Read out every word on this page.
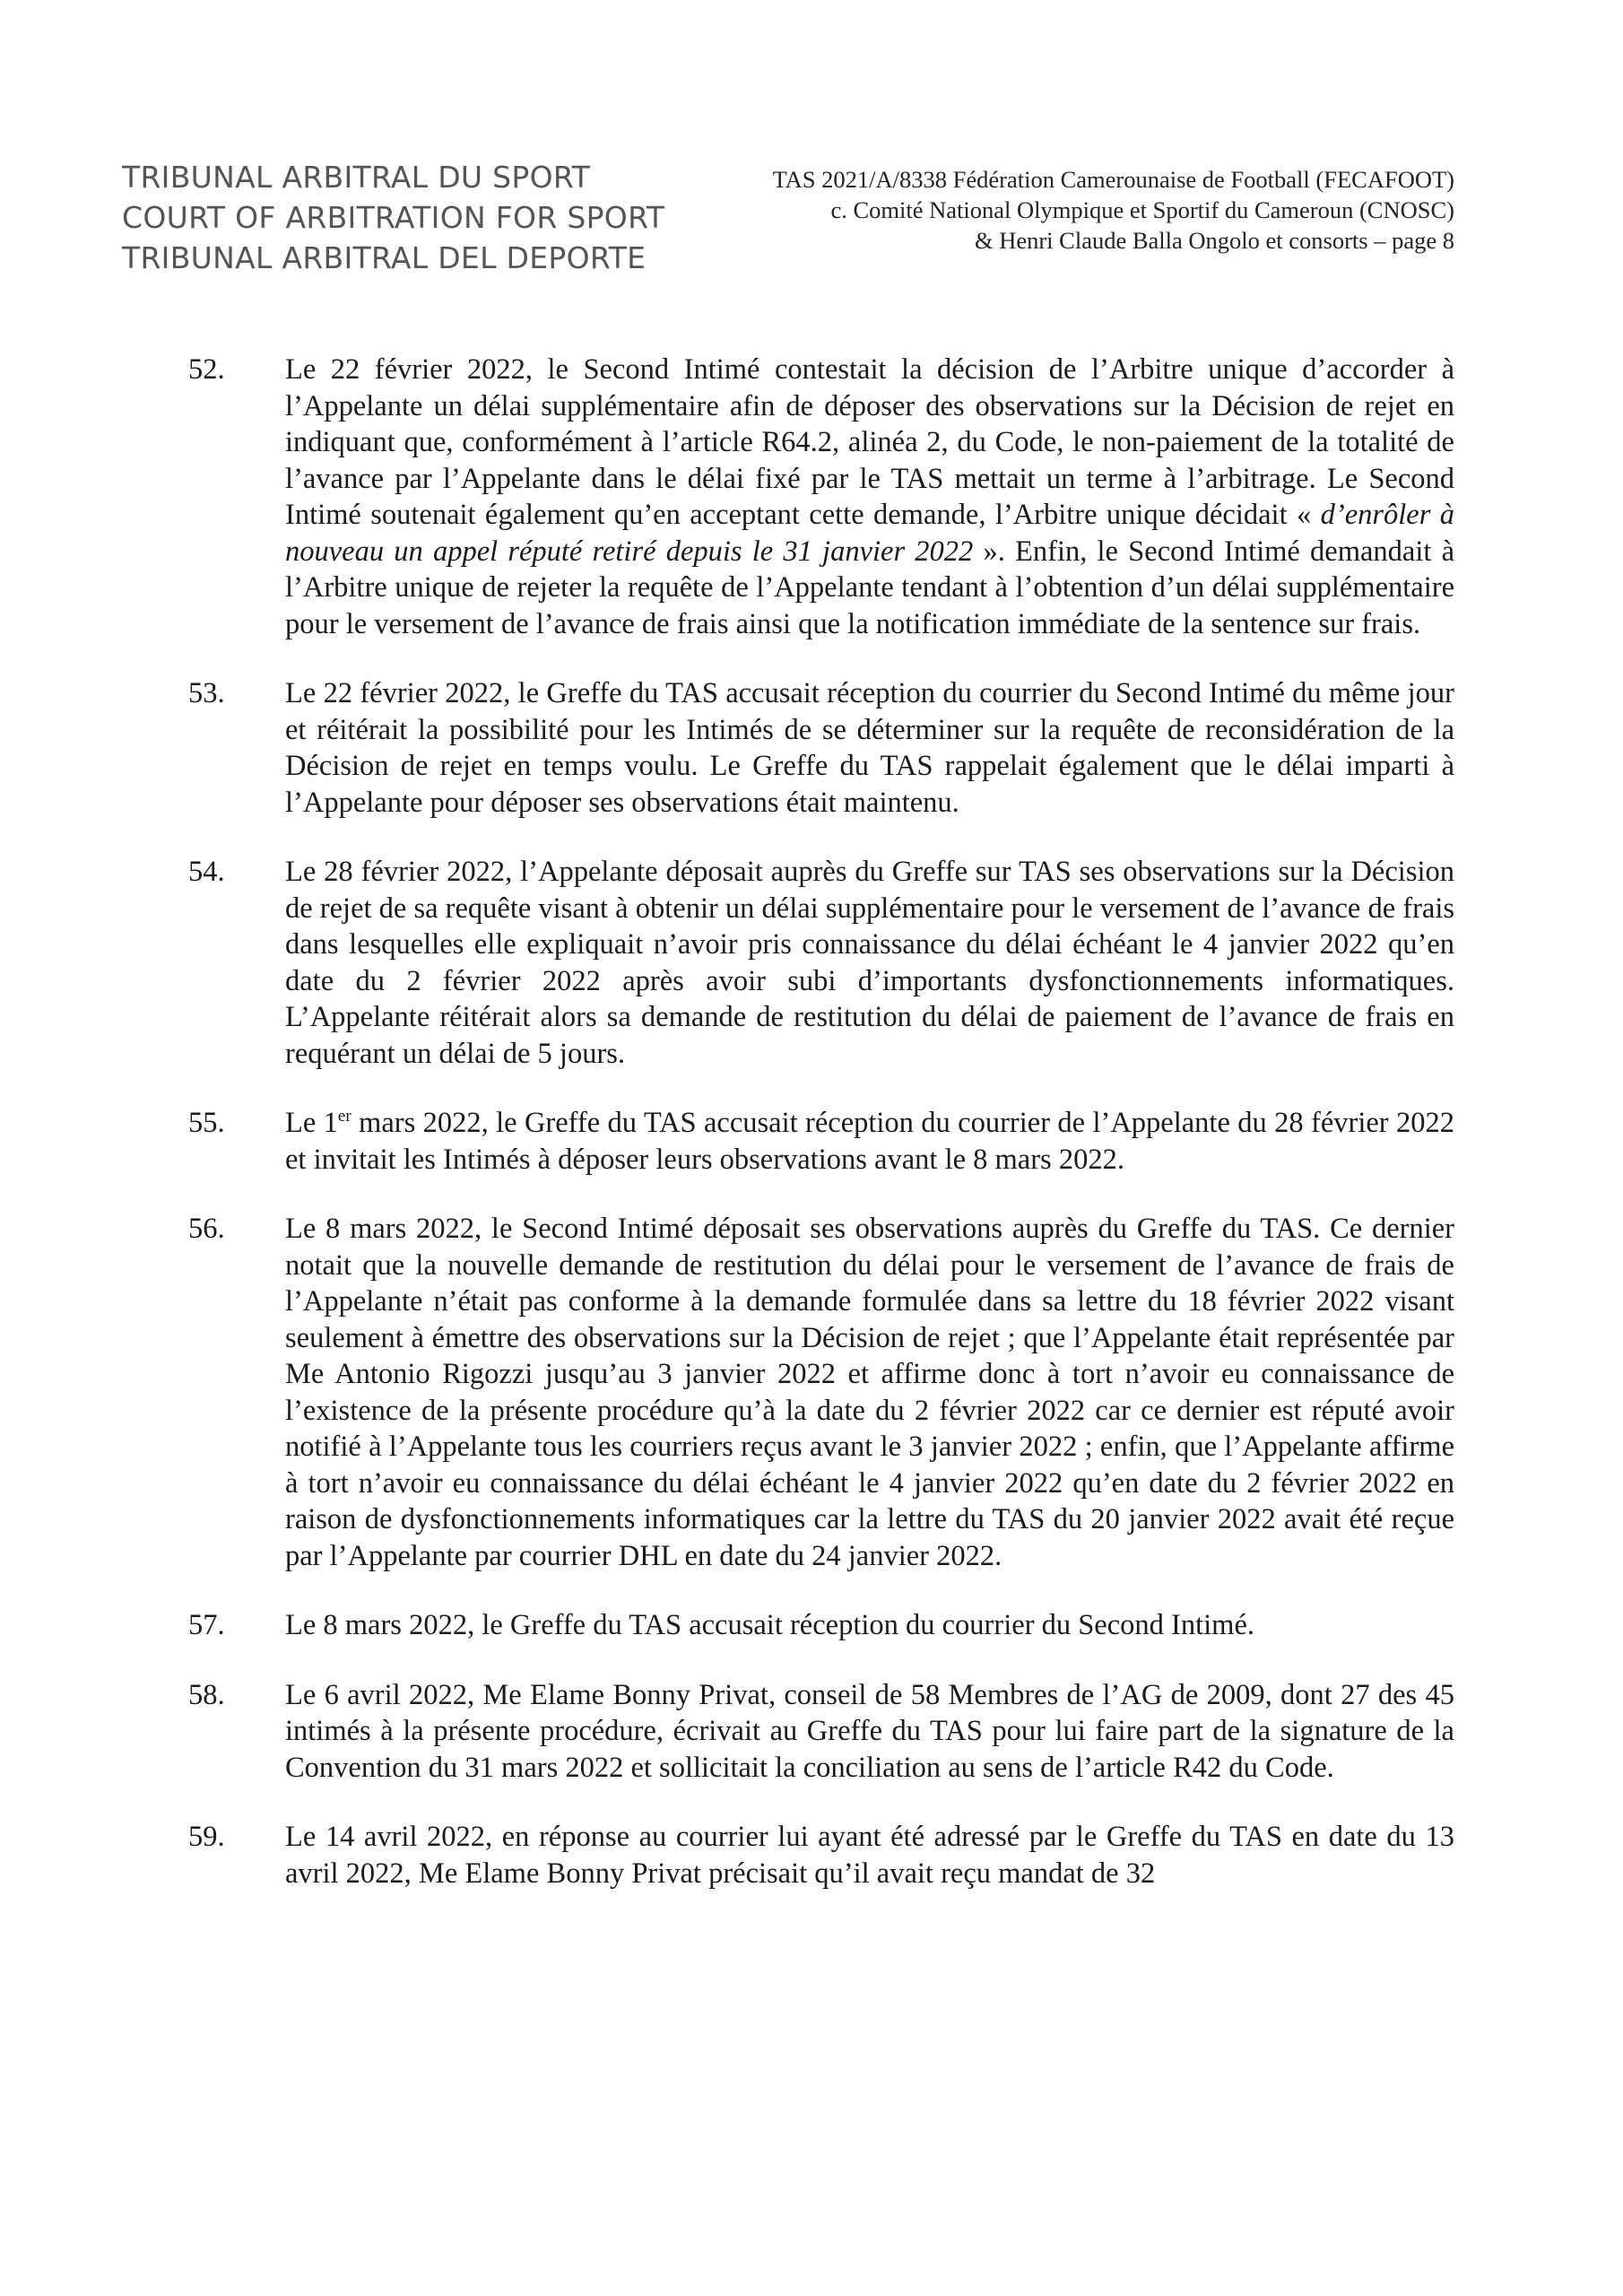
TRIBUNAL ARBITRAL DU SPORT
COURT OF ARBITRATION FOR SPORT
TRIBUNAL ARBITRAL DEL DEPORTE
TAS 2021/A/8338 Fédération Camerounaise de Football (FECAFOOT)
c. Comité National Olympique et Sportif du Cameroun (CNOSC)
& Henri Claude Balla Ongolo et consorts – page 8
52. Le 22 février 2022, le Second Intimé contestait la décision de l’Arbitre unique d’accorder à l’Appelante un délai supplémentaire afin de déposer des observations sur la Décision de rejet en indiquant que, conformément à l’article R64.2, alinéa 2, du Code, le non-paiement de la totalité de l’avance par l’Appelante dans le délai fixé par le TAS mettait un terme à l’arbitrage. Le Second Intimé soutenait également qu’en acceptant cette demande, l’Arbitre unique décidait « d’enrôler à nouveau un appel réputé retiré depuis le 31 janvier 2022 ». Enfin, le Second Intimé demandait à l’Arbitre unique de rejeter la requête de l’Appelante tendant à l’obtention d’un délai supplémentaire pour le versement de l’avance de frais ainsi que la notification immédiate de la sentence sur frais.
53. Le 22 février 2022, le Greffe du TAS accusait réception du courrier du Second Intimé du même jour et réitérait la possibilité pour les Intimés de se déterminer sur la requête de reconsidération de la Décision de rejet en temps voulu. Le Greffe du TAS rappelait également que le délai imparti à l’Appelante pour déposer ses observations était maintenu.
54. Le 28 février 2022, l’Appelante déposait auprès du Greffe sur TAS ses observations sur la Décision de rejet de sa requête visant à obtenir un délai supplémentaire pour le versement de l’avance de frais dans lesquelles elle expliquait n’avoir pris connaissance du délai échéant le 4 janvier 2022 qu’en date du 2 février 2022 après avoir subi d’importants dysfonctionnements informatiques. L’Appelante réitérait alors sa demande de restitution du délai de paiement de l’avance de frais en requérant un délai de 5 jours.
55. Le 1er mars 2022, le Greffe du TAS accusait réception du courrier de l’Appelante du 28 février 2022 et invitait les Intimés à déposer leurs observations avant le 8 mars 2022.
56. Le 8 mars 2022, le Second Intimé déposait ses observations auprès du Greffe du TAS. Ce dernier notait que la nouvelle demande de restitution du délai pour le versement de l’avance de frais de l’Appelante n’était pas conforme à la demande formulée dans sa lettre du 18 février 2022 visant seulement à émettre des observations sur la Décision de rejet ; que l’Appelante était représentée par Me Antonio Rigozzi jusqu’au 3 janvier 2022 et affirme donc à tort n’avoir eu connaissance de l’existence de la présente procédure qu’à la date du 2 février 2022 car ce dernier est réputé avoir notifié à l’Appelante tous les courriers reçus avant le 3 janvier 2022 ; enfin, que l’Appelante affirme à tort n’avoir eu connaissance du délai échéant le 4 janvier 2022 qu’en date du 2 février 2022 en raison de dysfonctionnements informatiques car la lettre du TAS du 20 janvier 2022 avait été reçue par l’Appelante par courrier DHL en date du 24 janvier 2022.
57. Le 8 mars 2022, le Greffe du TAS accusait réception du courrier du Second Intimé.
58. Le 6 avril 2022, Me Elame Bonny Privat, conseil de 58 Membres de l’AG de 2009, dont 27 des 45 intimés à la présente procédure, écrivait au Greffe du TAS pour lui faire part de la signature de la Convention du 31 mars 2022 et sollicitait la conciliation au sens de l’article R42 du Code.
59. Le 14 avril 2022, en réponse au courrier lui ayant été adressé par le Greffe du TAS en date du 13 avril 2022, Me Elame Bonny Privat précisait qu’il avait reçu mandat de 32
